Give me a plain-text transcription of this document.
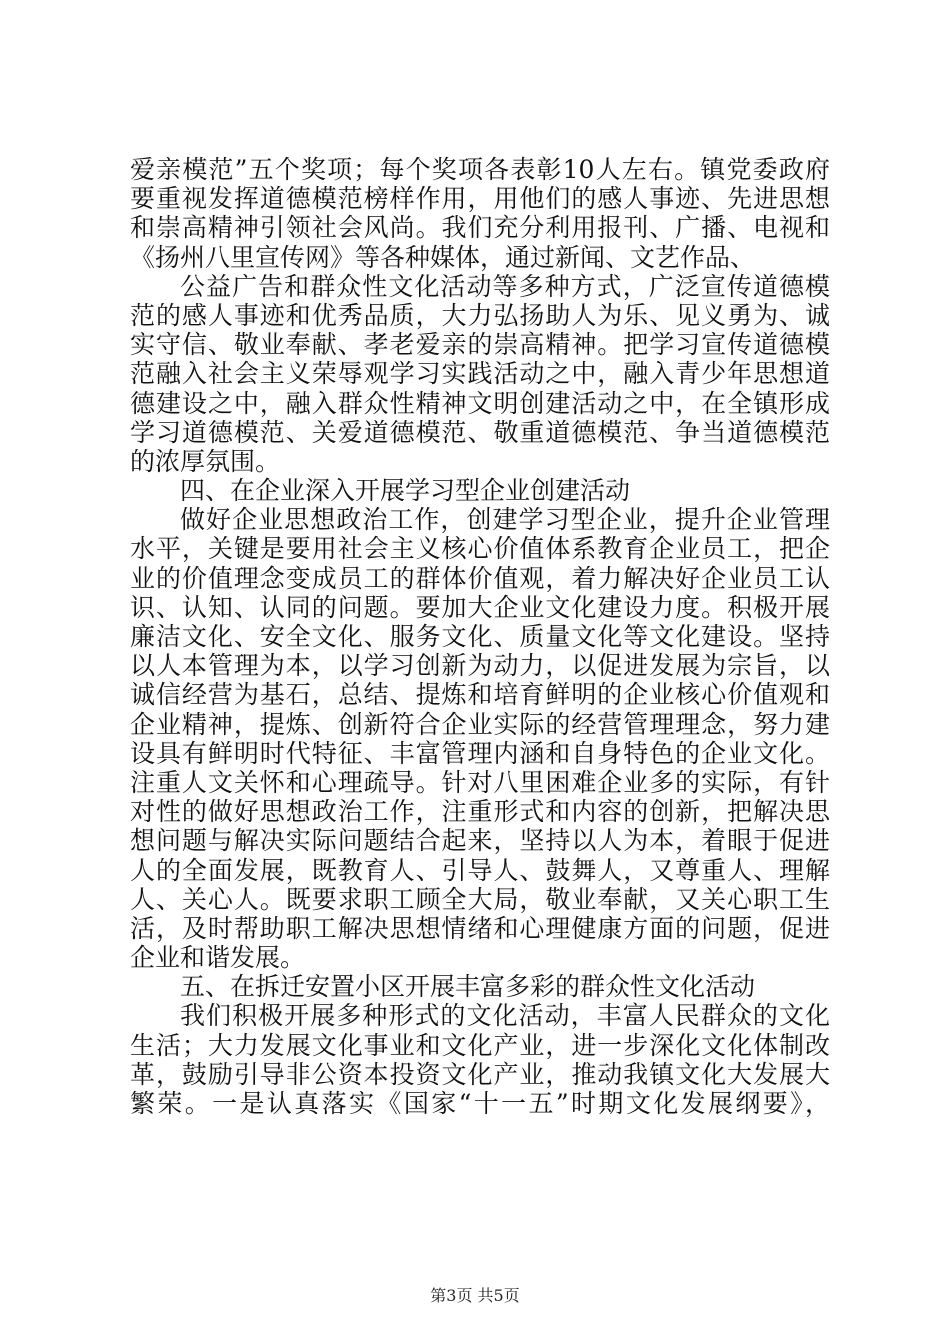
爱亲模范”五个奖项；每个奖项各表彰10人左右。镇党委政府
要重视发挥道德模范榜样作用，用他们的感人事迹、先进思想
和崇高精神引领社会风尚。我们充分利用报刊、广播、电视和
《扬州八里宣传网》等各种媒体，通过新闻、文艺作品、
公益广告和群众性文化活动等多种方式，广泛宣传道德模
范的感人事迹和优秀品质，大力弘扬助人为乐、见义勇为、诚
实守信、敬业奉献、孝老爱亲的崇高精神。把学习宣传道德模
范融入社会主义荣辱观学习实践活动之中，融入青少年思想道
德建设之中，融入群众性精神文明创建活动之中，在全镇形成
学习道德模范、关爱道德模范、敬重道德模范、争当道德模范
的浓厚氛围。
四、在企业深入开展学习型企业创建活动
做好企业思想政治工作，创建学习型企业，提升企业管理
水平，关键是要用社会主义核心价值体系教育企业员工，把企
业的价值理念变成员工的群体价值观，着力解决好企业员工认
识、认知、认同的问题。要加大企业文化建设力度。积极开展
廉洁文化、安全文化、服务文化、质量文化等文化建设。坚持
以人本管理为本，以学习创新为动力，以促进发展为宗旨，以
诚信经营为基石，总结、提炼和培育鲜明的企业核心价值观和
企业精神，提炼、创新符合企业实际的经营管理理念，努力建
设具有鲜明时代特征、丰富管理内涵和自身特色的企业文化。
注重人文关怀和心理疏导。针对八里困难企业多的实际，有针
对性的做好思想政治工作，注重形式和内容的创新，把解决思
想问题与解决实际问题结合起来，坚持以人为本，着眼于促进
人的全面发展，既教育人、引导人、鼓舞人，又尊重人、理解
人、关心人。既要求职工顾全大局，敬业奉献，又关心职工生
活，及时帮助职工解决思想情绪和心理健康方面的问题，促进
企业和谐发展。
五、在拆迁安置小区开展丰富多彩的群众性文化活动
我们积极开展多种形式的文化活动，丰富人民群众的文化
生活；大力发展文化事业和文化产业，进一步深化文化体制改
革，鼓励引导非公资本投资文化产业，推动我镇文化大发展大
繁荣。一是认真落实《国家“十一五”时期文化发展纲要》，
第3页 共5页
